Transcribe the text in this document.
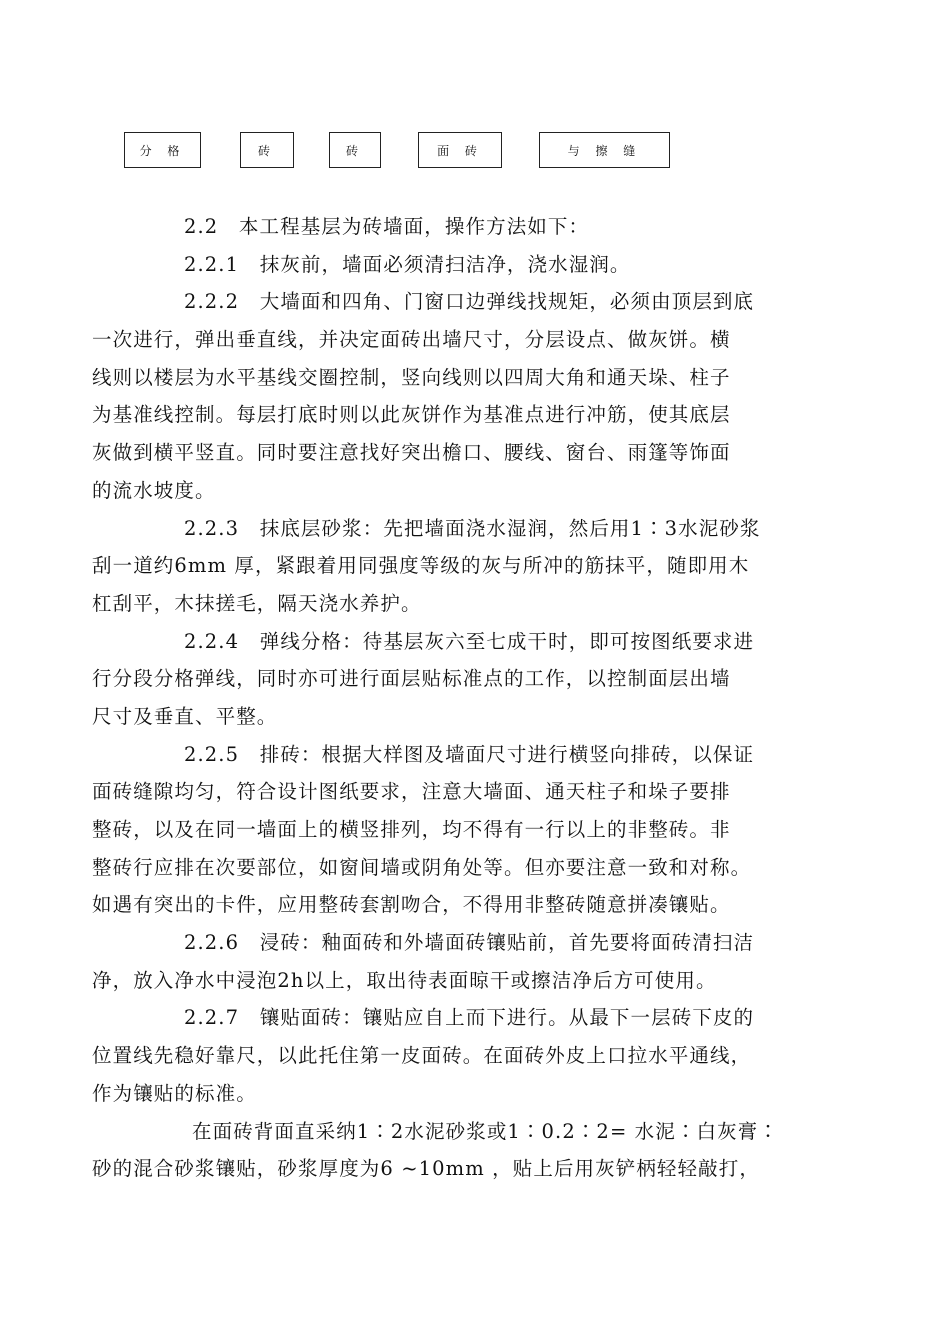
分 格	砖	砖	面 砖	与 擦 缝
2.2　本工程基层为砖墙面，操作方法如下：
2.2.1　抹灰前，墙面必须清扫洁净，浇水湿润。
2.2.2　大墙面和四角、门窗口边弹线找规矩，必须由顶层到底
一次进行，弹出垂直线，并决定面砖出墙尺寸，分层设点、做灰饼。横
线则以楼层为水平基线交圈控制，竖向线则以四周大角和通天垛、柱子
为基准线控制。每层打底时则以此灰饼作为基准点进行冲筋，使其底层
灰做到横平竖直。同时要注意找好突出檐口、腰线、窗台、雨篷等饰面
的流水坡度。
2.2.3　抹底层砂浆：先把墙面浇水湿润，然后用1∶3水泥砂浆
刮一道约6mm 厚，紧跟着用同强度等级的灰与所冲的筋抹平，随即用木
杠刮平，木抹搓毛，隔天浇水养护。
2.2.4　弹线分格：待基层灰六至七成干时，即可按图纸要求进
行分段分格弹线，同时亦可进行面层贴标准点的工作，以控制面层出墙
尺寸及垂直、平整。
2.2.5　排砖：根据大样图及墙面尺寸进行横竖向排砖，以保证
面砖缝隙均匀，符合设计图纸要求，注意大墙面、通天柱子和垛子要排
整砖，以及在同一墙面上的横竖排列，均不得有一行以上的非整砖。非
整砖行应排在次要部位，如窗间墙或阴角处等。但亦要注意一致和对称。
如遇有突出的卡件，应用整砖套割吻合，不得用非整砖随意拼凑镶贴。
2.2.6　浸砖：釉面砖和外墙面砖镶贴前，首先要将面砖清扫洁
净，放入净水中浸泡2h以上，取出待表面晾干或擦洁净后方可使用。
2.2.7　镶贴面砖：镶贴应自上而下进行。从最下一层砖下皮的
位置线先稳好靠尺，以此托住第一皮面砖。在面砖外皮上口拉水平通线，
作为镶贴的标准。
在面砖背面直采纳1∶2水泥砂浆或1∶0.2∶2= 水泥∶白灰膏∶
砂的混合砂浆镶贴，砂浆厚度为6 ~10mm ，贴上后用灰铲柄轻轻敲打，
